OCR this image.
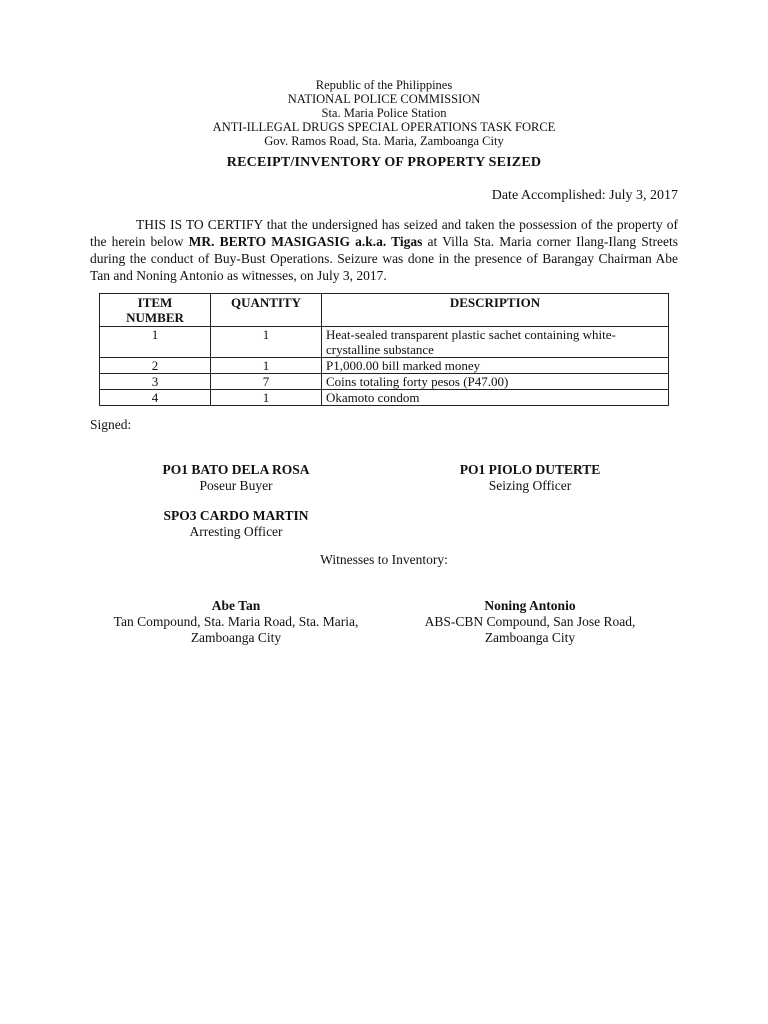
Republic of the Philippines
NATIONAL POLICE COMMISSION
Sta. Maria Police Station
ANTI-ILLEGAL DRUGS SPECIAL OPERATIONS TASK FORCE
Gov. Ramos Road, Sta. Maria, Zamboanga City
RECEIPT/INVENTORY OF PROPERTY SEIZED
Date Accomplished: July 3, 2017
THIS IS TO CERTIFY that the undersigned has seized and taken the possession of the property of the herein below MR. BERTO MASIGASIG a.k.a. Tigas at Villa Sta. Maria corner Ilang-Ilang Streets during the conduct of Buy-Bust Operations. Seizure was done in the presence of Barangay Chairman Abe Tan and Noning Antonio as witnesses, on July 3, 2017.
ITEM
NUMBER	QUANTITY	DESCRIPTION
1	1	Heat-sealed transparent plastic sachet containing white-crystalline substance
2	1	P1,000.00 bill marked money
3	7	Coins totaling forty pesos (P47.00)
4	1	Okamoto condom
Signed:
PO1 BATO DELA ROSA
Poseur Buyer
PO1 PIOLO DUTERTE
Seizing Officer
SPO3 CARDO MARTIN
Arresting Officer
Witnesses to Inventory:
Abe Tan
Tan Compound, Sta. Maria Road, Sta. Maria,
Zamboanga City
Noning Antonio
ABS-CBN Compound, San Jose Road,
Zamboanga City
